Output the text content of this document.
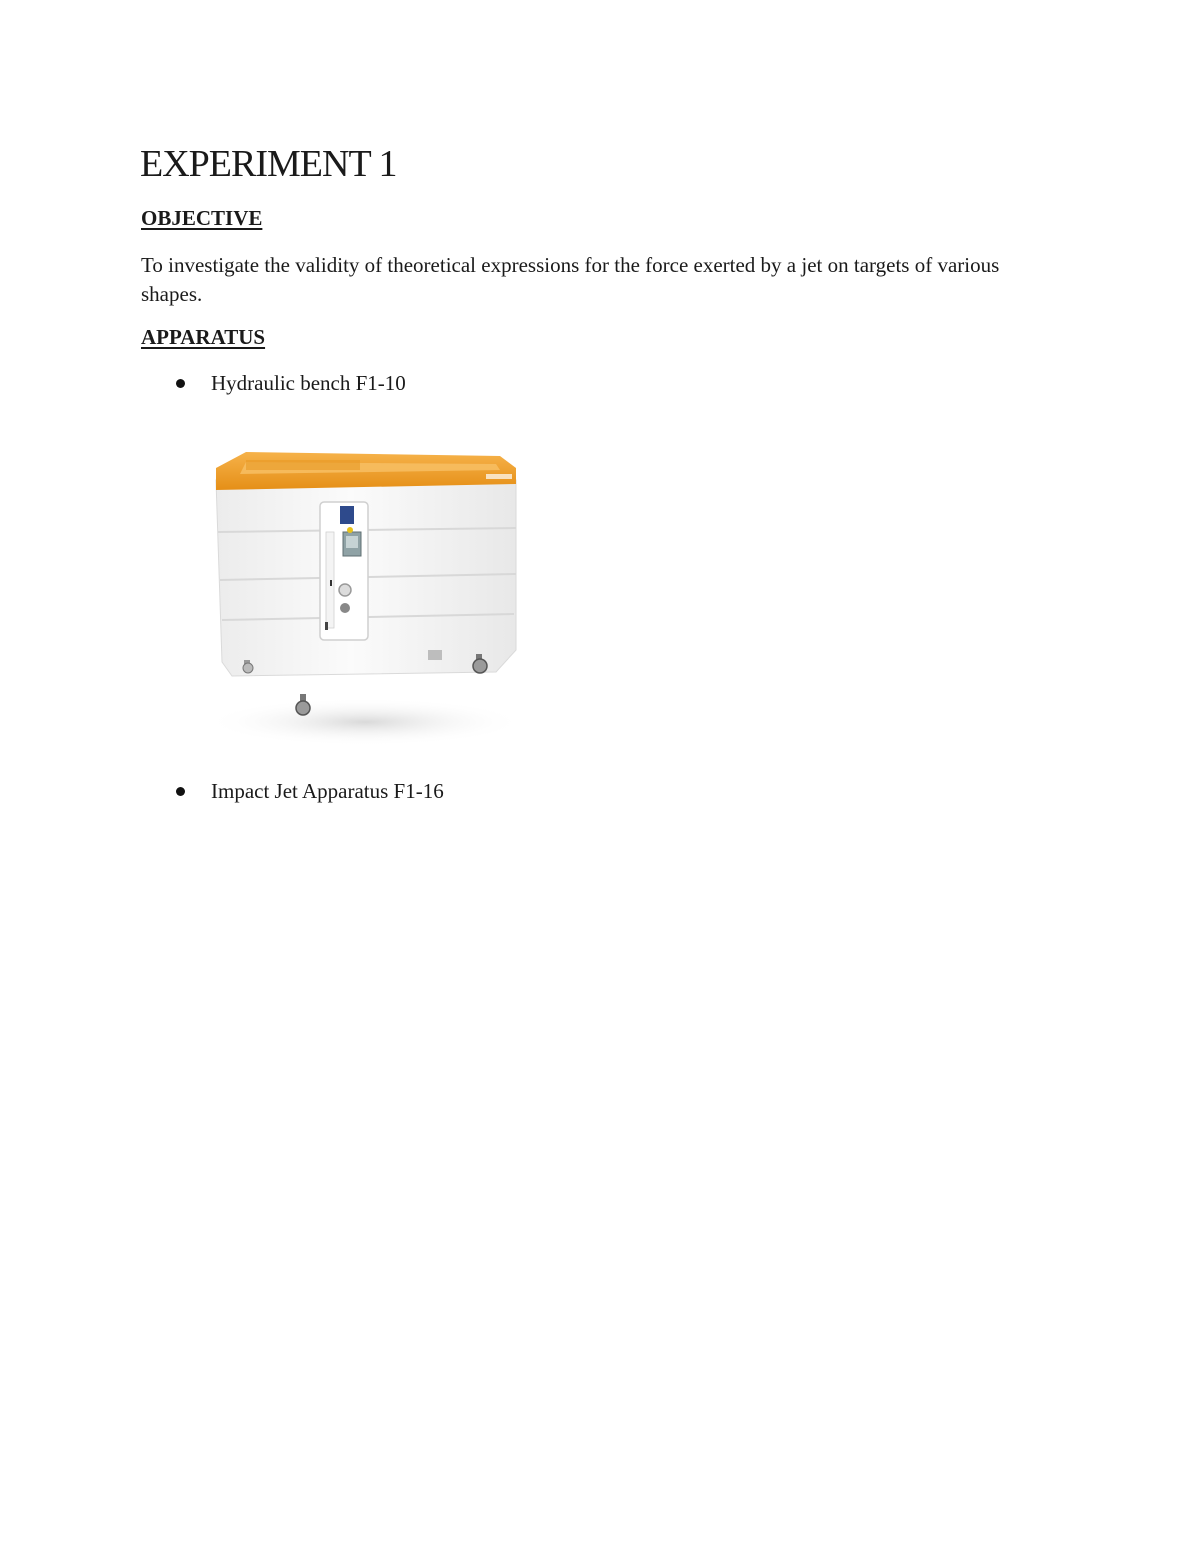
EXPERIMENT 1
OBJECTIVE

To investigate the validity of theoretical expressions for the force exerted by a jet on targets of various shapes.

APPARATUS
Hydraulic bench F1-10
Impact Jet Apparatus F1-16
